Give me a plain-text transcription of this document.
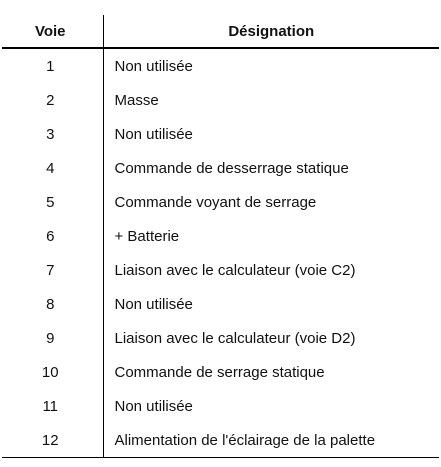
Voie	Désignation
1	Non utilisée
2	Masse
3	Non utilisée
4	Commande de desserrage statique
5	Commande voyant de serrage
6	+ Batterie
7	Liaison avec le calculateur (voie C2)
8	Non utilisée
9	Liaison avec le calculateur (voie D2)
10	Commande de serrage statique
11	Non utilisée
12	Alimentation de l'éclairage de la palette
